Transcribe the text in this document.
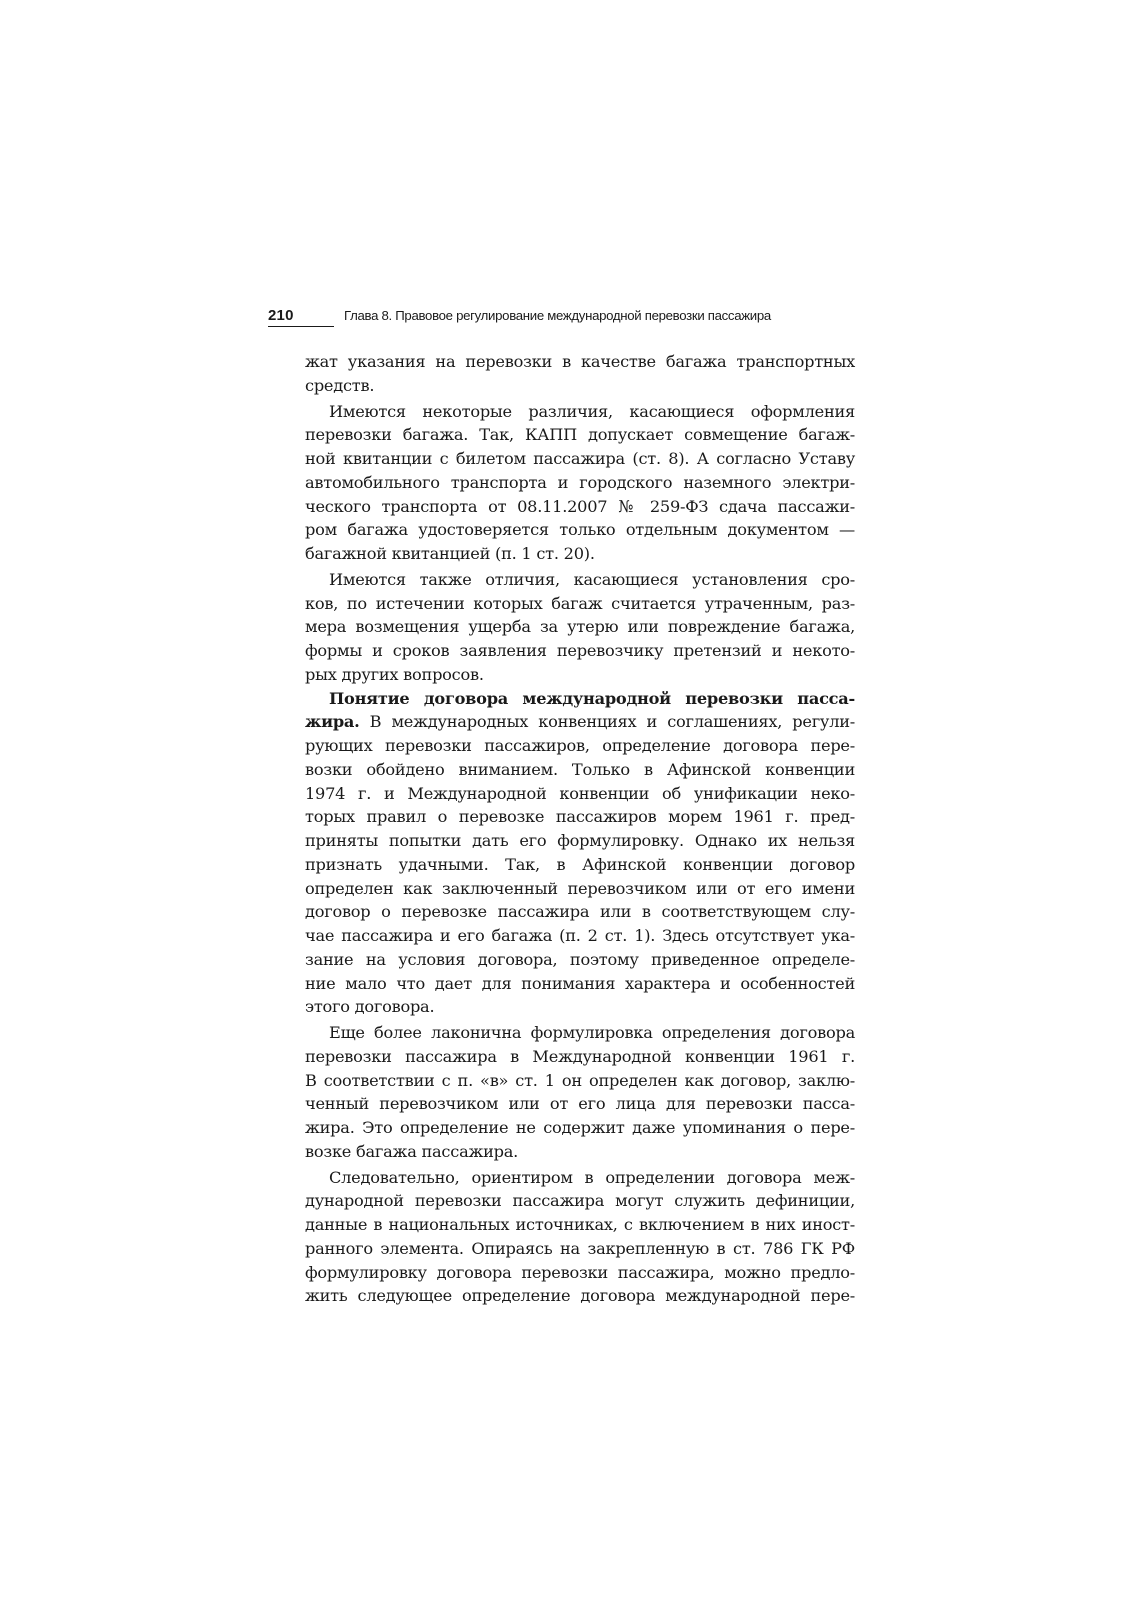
210	Глава 8. Правовое регулирование международной перевозки пассажира
жат указания на перевозки в качестве багажа транспортных
средств.
Имеются некоторые различия, касающиеся оформления
перевозки багажа. Так, КАПП допускает совмещение багаж-
ной квитанции с билетом пассажира (ст. 8). А согласно Уставу
автомобильного транспорта и городского наземного электри-
ческого транспорта от 08.11.2007 № 259-ФЗ сдача пассажи-
ром багажа удостоверяется только отдельным документом —
багажной квитанцией (п. 1 ст. 20).
Имеются также отличия, касающиеся установления сро-
ков, по истечении которых багаж считается утраченным, раз-
мера возмещения ущерба за утерю или повреждение багажа,
формы и сроков заявления перевозчику претензий и некото-
рых других вопросов.
Понятие договора международной перевозки пасса-
жира. В международных конвенциях и соглашениях, регули-
рующих перевозки пассажиров, определение договора пере-
возки обойдено вниманием. Только в Афинской конвенции
1974 г. и Международной конвенции об унификации неко-
торых правил о перевозке пассажиров морем 1961 г. пред-
приняты попытки дать его формулировку. Однако их нельзя
признать удачными. Так, в Афинской конвенции договор
определен как заключенный перевозчиком или от его имени
договор о перевозке пассажира или в соответствующем слу-
чае пассажира и его багажа (п. 2 ст. 1). Здесь отсутствует ука-
зание на условия договора, поэтому приведенное определе-
ние мало что дает для понимания характера и особенностей
этого договора.
Еще более лаконична формулировка определения договора
перевозки пассажира в Международной конвенции 1961 г.
В соответствии с п. «в» ст. 1 он определен как договор, заклю-
ченный перевозчиком или от его лица для перевозки пасса-
жира. Это определение не содержит даже упоминания о пере-
возке багажа пассажира.
Следовательно, ориентиром в определении договора меж-
дународной перевозки пассажира могут служить дефиниции,
данные в национальных источниках, с включением в них иност-
ранного элемента. Опираясь на закрепленную в ст. 786 ГК РФ
формулировку договора перевозки пассажира, можно предло-
жить следующее определение договора международной пере-
